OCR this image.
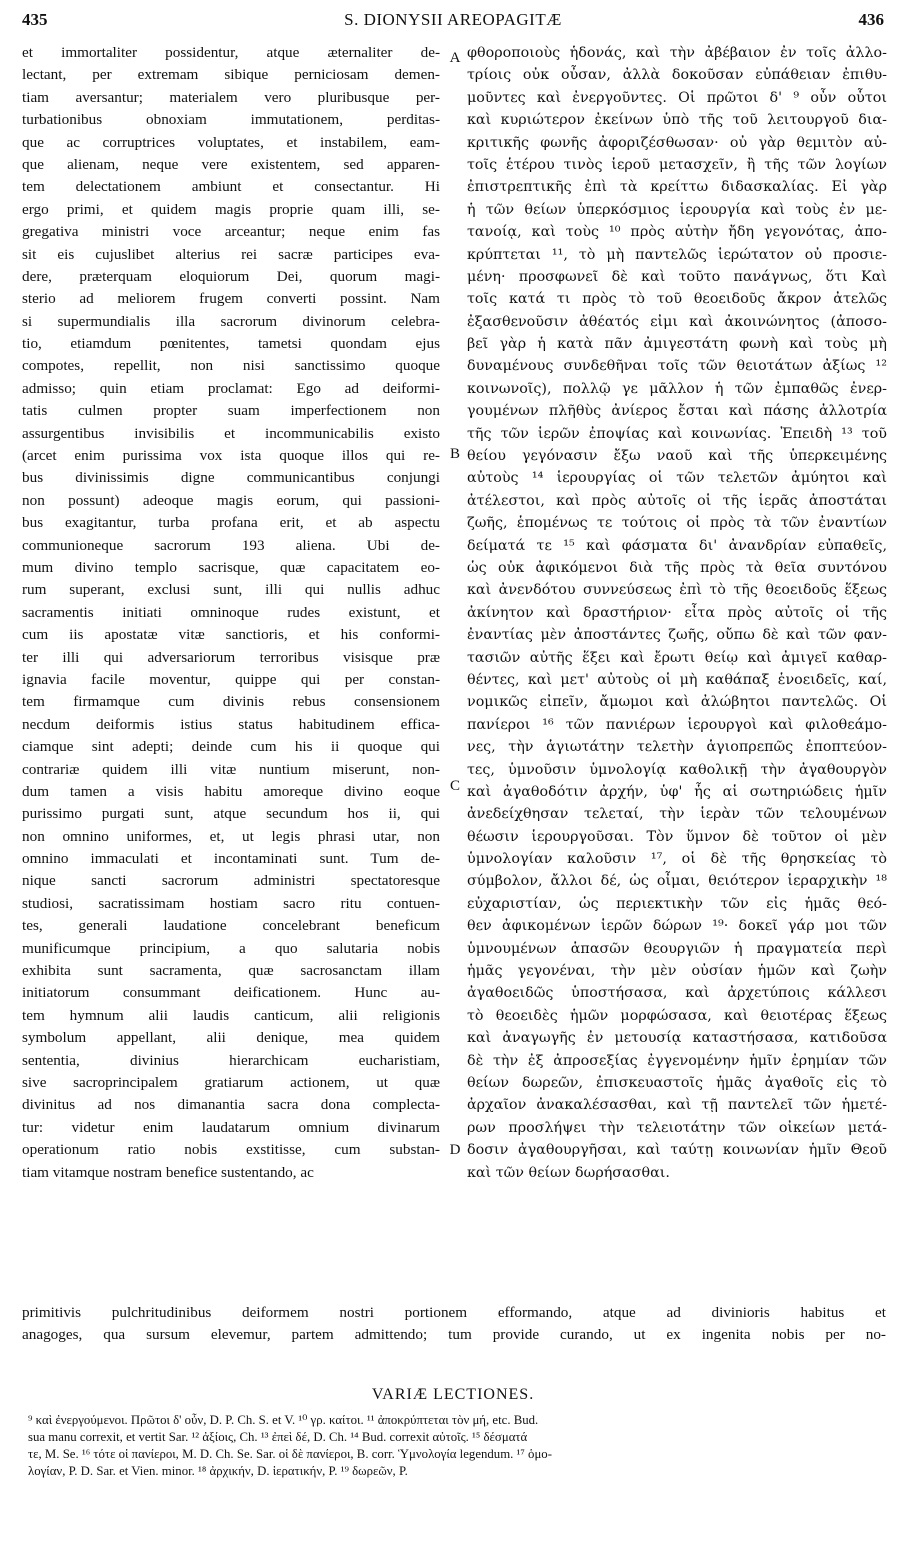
435	S. DIONYSII AREOPAGITÆ	436
et immortaliter possidentur, atque æternaliter de-
lectant, per extremam sibique perniciosam demen-
tiam aversantur; materialem vero pluribusque per-
turbationibus obnoxiam immutationem, perditas-
que ac corruptrices voluptates, et instabilem, eam-
que alienam, neque vere existentem, sed apparen-
tem delectationem ambiunt et consectantur. Hi
ergo primi, et quidem magis proprie quam illi, se-
gregativa ministri voce arceantur; neque enim fas
sit eis cujuslibet alterius rei sacræ participes eva-
dere, præterquam eloquiorum Dei, quorum magi-
sterio ad meliorem frugem converti possint. Nam
si supermundialis illa sacrorum divinorum celebra-
tio, etiamdum pœnitentes, tametsi quondam ejus
compotes, repellit, non nisi sanctissimo quoque
admisso; quin etiam proclamat: Ego ad deiformi-
tatis culmen propter suam imperfectionem non
assurgentibus invisibilis et incommunicabilis existo
(arcet enim purissima vox ista quoque illos qui re-
bus divinissimis digne communicantibus conjungi
non possunt) adeoque magis eorum, qui passioni-
bus exagitantur, turba profana erit, et ab aspectu
communioneque sacrorum 193 aliena. Ubi de-
mum divino templo sacrisque, quæ capacitatem eo-
rum superant, exclusi sunt, illi qui nullis adhuc
sacramentis initiati omninoque rudes existunt, et
cum iis apostatæ vitæ sanctioris, et his conformi-
ter illi qui adversariorum terroribus visisque præ
ignavia facile moventur, quippe qui per constan-
tem firmamque cum divinis rebus consensionem
necdum deiformis istius status habitudinem effica-
ciamque sint adepti; deinde cum his ii quoque qui
contrariæ quidem illi vitæ nuntium miserunt, non-
dum tamen a visis habitu amoreque divino eoque
purissimo purgati sunt, atque secundum hos ii, qui
non omnino uniformes, et, ut legis phrasi utar, non
omnino immaculati et incontaminati sunt. Tum de-
nique sancti sacrorum administri spectatoresque
studiosi, sacratissimam hostiam sacro ritu contuen-
tes, generali laudatione concelebrant beneficum
munificumque principium, a quo salutaria nobis
exhibita sunt sacramenta, quæ sacrosanctam illam
initiatorum consummant deificationem. Hunc au-
tem hymnum alii laudis canticum, alii religionis
symbolum appellant, alii denique, mea quidem
sententia, divinius hierarchicam eucharistiam,
sive sacroprincipalem gratiarum actionem, ut quæ
divinitus ad nos dimanantia sacra dona complecta-
tur: videtur enim laudatarum omnium divinarum
operationum ratio nobis exstitisse, cum substan-
tiam vitamque nostram benefice sustentando, ac
φθοροποιοὺς ἡδονάς, καὶ τὴν ἀβέβαιον ἐν τοῖς ἀλλο-
τρίοις οὐκ οὖσαν, ἀλλὰ δοκοῦσαν εὐπάθειαν ἐπιθυ-
μοῦντες καὶ ἐνεργοῦντες. Οἱ πρῶτοι δ' ⁹ οὖν οὗτοι
καὶ κυριώτερον ἐκείνων ὑπὸ τῆς τοῦ λειτουργοῦ δια-
κριτικῆς φωνῆς ἀφοριζέσθωσαν· οὐ γὰρ θεμιτὸν αὐ-
τοῖς ἑτέρου τινὸς ἱεροῦ μετασχεῖν, ἢ τῆς τῶν λογίων
ἐπιστρεπτικῆς ἐπὶ τὰ κρείττω διδασκαλίας. Εἰ γὰρ
ἡ τῶν θείων ὑπερκόσμιος ἱερουργία καὶ τοὺς ἐν με-
τανοίᾳ, καὶ τοὺς ¹⁰ πρὸς αὐτὴν ἤδη γεγονότας, ἀπο-
κρύπτεται ¹¹, τὸ μὴ παντελῶς ἱερώτατον οὐ προσιε-
μένη· προσφωνεῖ δὲ καὶ τοῦτο πανάγνως, ὅτι Καὶ
τοῖς κατά τι πρὸς τὸ τοῦ θεοειδοῦς ἄκρον ἀτελῶς
ἐξασθενοῦσιν ἀθέατός εἰμι καὶ ἀκοινώνητος (ἀποσο-
βεῖ γὰρ ἡ κατὰ πᾶν ἀμιγεστάτη φωνὴ καὶ τοὺς μὴ
δυναμένους συνδεθῆναι τοῖς τῶν θειοτάτων ἀξίως ¹²
κοινωνοῖς), πολλῷ γε μᾶλλον ἡ τῶν ἐμπαθῶς ἐνερ-
γουμένων πλῆθὺς ἀνίερος ἔσται καὶ πάσης ἀλλοτρία
τῆς τῶν ἱερῶν ἐποψίας καὶ κοινωνίας. Ἐπειδὴ ¹³ τοῦ
θείου γεγόνασιν ἔξω ναοῦ καὶ τῆς ὑπερκειμένης
αὐτοὺς ¹⁴ ἱερουργίας οἱ τῶν τελετῶν ἀμύητοι καὶ
ἀτέλεστοι, καὶ πρὸς αὐτοῖς οἱ τῆς ἱερᾶς ἀποστάται
ζωῆς, ἑπομένως τε τούτοις οἱ πρὸς τὰ τῶν ἐναντίων
δείματά τε ¹⁵ καὶ φάσματα δι' ἀνανδρίαν εὐπαθεῖς,
ὡς οὐκ ἀφικόμενοι διὰ τῆς πρὸς τὰ θεῖα συντόνου
καὶ ἀνενδότου συννεύσεως ἐπὶ τὸ τῆς θεοειδοῦς ἕξεως
ἀκίνητον καὶ δραστήριον· εἶτα πρὸς αὐτοῖς οἱ τῆς
ἐναντίας μὲν ἀποστάντες ζωῆς, οὔπω δὲ καὶ τῶν φαν-
τασιῶν αὐτῆς ἕξει καὶ ἔρωτι θείῳ καὶ ἀμιγεῖ καθαρ-
θέντες, καὶ μετ' αὐτοὺς οἱ μὴ καθάπαξ ἑνοειδεῖς, καί,
νομικῶς εἰπεῖν, ἄμωμοι καὶ ἀλώβητοι παντελῶς. Οἱ
πανίεροι ¹⁶ τῶν πανιέρων ἱερουργοὶ καὶ φιλοθεάμο-
νες, τὴν ἁγιωτάτην τελετὴν ἁγιοπρεπῶς ἐποπτεύον-
τες, ὑμνοῦσιν ὑμνολογίᾳ καθολικῇ τὴν ἀγαθουργὸν
καὶ ἀγαθοδότιν ἀρχήν, ὑφ' ἧς αἱ σωτηριώδεις ἡμῖν
ἀνεδείχθησαν τελεταί, τὴν ἱερὰν τῶν τελουμένων
θέωσιν ἱερουργοῦσαι. Τὸν ὕμνον δὲ τοῦτον οἱ μὲν
ὑμνολογίαν καλοῦσιν ¹⁷, οἱ δὲ τῆς θρησκείας τὸ
σύμβολον, ἄλλοι δέ, ὡς οἶμαι, θειότερον ἱεραρχικὴν ¹⁸
εὐχαριστίαν, ὡς περιεκτικὴν τῶν εἰς ἡμᾶς θεό-
θεν ἀφικομένων ἱερῶν δώρων ¹⁹· δοκεῖ γάρ μοι τῶν
ὑμνουμένων ἁπασῶν θεουργιῶν ἡ πραγματεία περὶ
ἡμᾶς γεγονέναι, τὴν μὲν οὐσίαν ἡμῶν καὶ ζωὴν
ἀγαθοειδῶς ὑποστήσασα, καὶ ἀρχετύποις κάλλεσι
τὸ θεοειδὲς ἡμῶν μορφώσασα, καὶ θειοτέρας ἕξεως
καὶ ἀναγωγῆς ἐν μετουσίᾳ καταστήσασα, κατιδοῦσα
δὲ τὴν ἐξ ἀπροσεξίας ἐγγενομένην ἡμῖν ἐρημίαν τῶν
θείων δωρεῶν, ἐπισκευαστοῖς ἡμᾶς ἀγαθοῖς εἰς τὸ
ἀρχαῖον ἀνακαλέσασθαι, καὶ τῇ παντελεῖ τῶν ἡμετέ-
ρων προσλήψει τὴν τελειοτάτην τῶν οἰκείων μετά-
δοσιν ἀγαθουργῆσαι, καὶ ταύτῃ κοινωνίαν ἡμῖν Θεοῦ
καὶ τῶν θείων δωρήσασθαι.
A
B
C
D
primitivis pulchritudinibus deiformem nostri portionem efformando, atque ad divinioris habitus et
anagoges, qua sursum elevemur, partem admittendo; tum provide curando, ut ex ingenita nobis per no-
VARIÆ LECTIONES.
⁹ καὶ ἐνεργούμενοι. Πρῶτοι δ' οὖν, D. P. Ch. S. et V. ¹⁰ γρ. καίτοι. ¹¹ ἀποκρύπτεται τὸν μή, etc. Bud.
sua manu correxit, et vertit Sar. ¹² ἀξίοις, Ch. ¹³ ἐπεὶ δέ, D. Ch. ¹⁴ Bud. correxit αὐτοῖς. ¹⁵ δέσματά
τε, M. Se. ¹⁶ τότε οἱ πανίεροι, M. D. Ch. Se. Sar. οἱ δὲ πανίεροι, B. corr. Ὑμνολογία legendum. ¹⁷ ὁμο-
λογίαν, P. D. Sar. et Vien. minor. ¹⁸ ἀρχικήν, D. ἱερατικήν, P. ¹⁹ δωρεῶν, P.
